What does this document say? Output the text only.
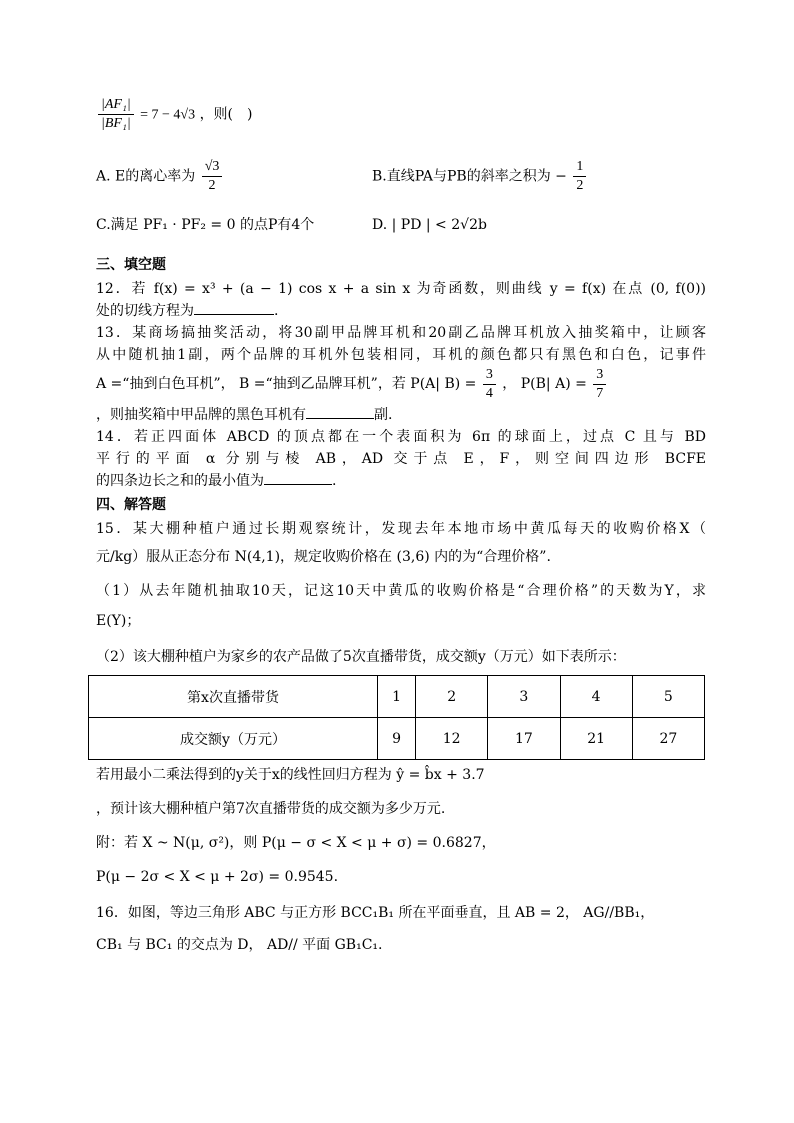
$\frac{\text{|AF₁|}}{\text{|BF₁|}} = 7 - 4√3$ ，则(　)
A. E的离心率为 $\frac{√3}{2}$	B.直线PA与PB的斜率之积为 − $\frac{1}{2}$
C.满足 PF₁ · PF₂ = 0 的点P有4个	D. | PD | < 2√2b
三、填空题
12．若 f(x) = x³ + (a − 1) cos x + a sin x 为奇函数，则曲线 y = f(x) 在点 (0, f(0))
处的切线方程为	.
13．某商场搞抽奖活动，将30副甲品牌耳机和20副乙品牌耳机放入抽奖箱中，让顾客
从中随机抽1副，两个品牌的耳机外包装相同，耳机的颜色都只有黑色和白色，记事件
A =“抽到白色耳机”， B =“抽到乙品牌耳机”，若 P(A| $B) = \frac{3}{4}$ ， P(B| $A) = \frac{3}{7}$
，则抽奖箱中甲品牌的黑色耳机有	副.
14．若正四面体 ABCD 的顶点都在一个表面积为 6π 的球面上，过点 C 且与 BD
平行的平面 α 分别与棱 AB，AD 交于点 E，F，则空间四边形 BCFE
的四条边长之和的最小值为	.
四、解答题
15．某大棚种植户通过长期观察统计，发现去年本地市场中黄瓜每天的收购价格X（
元/kg）服从正态分布 N(4,1)，规定收购价格在 (3,6) 内的为“合理价格”.
（1）从去年随机抽取10天，记这10天中黄瓜的收购价格是“合理价格”的天数为Y，求
E(Y)；
（2）该大棚种植户为家乡的农产品做了5次直播带货，成交额y（万元）如下表所示：
第x次直播带货	1	2	3	4	5
成交额y（万元）	9	12	17	21	27
若用最小二乘法得到的y关于x的线性回归方程为 ŷ = b̂x + 3.7
，预计该大棚种植户第7次直播带货的成交额为多少万元.
附：若 X ~ N(μ, σ²)，则 P(μ − σ < X < μ + σ) = 0.6827，
P(μ − 2σ < X < μ + 2σ) = 0.9545.
16．如图，等边三角形 ABC 与正方形 BCC₁B₁ 所在平面垂直，且 AB = 2， AG//BB₁，
CB₁ 与 BC₁ 的交点为 D， AD// 平面 GB₁C₁.
